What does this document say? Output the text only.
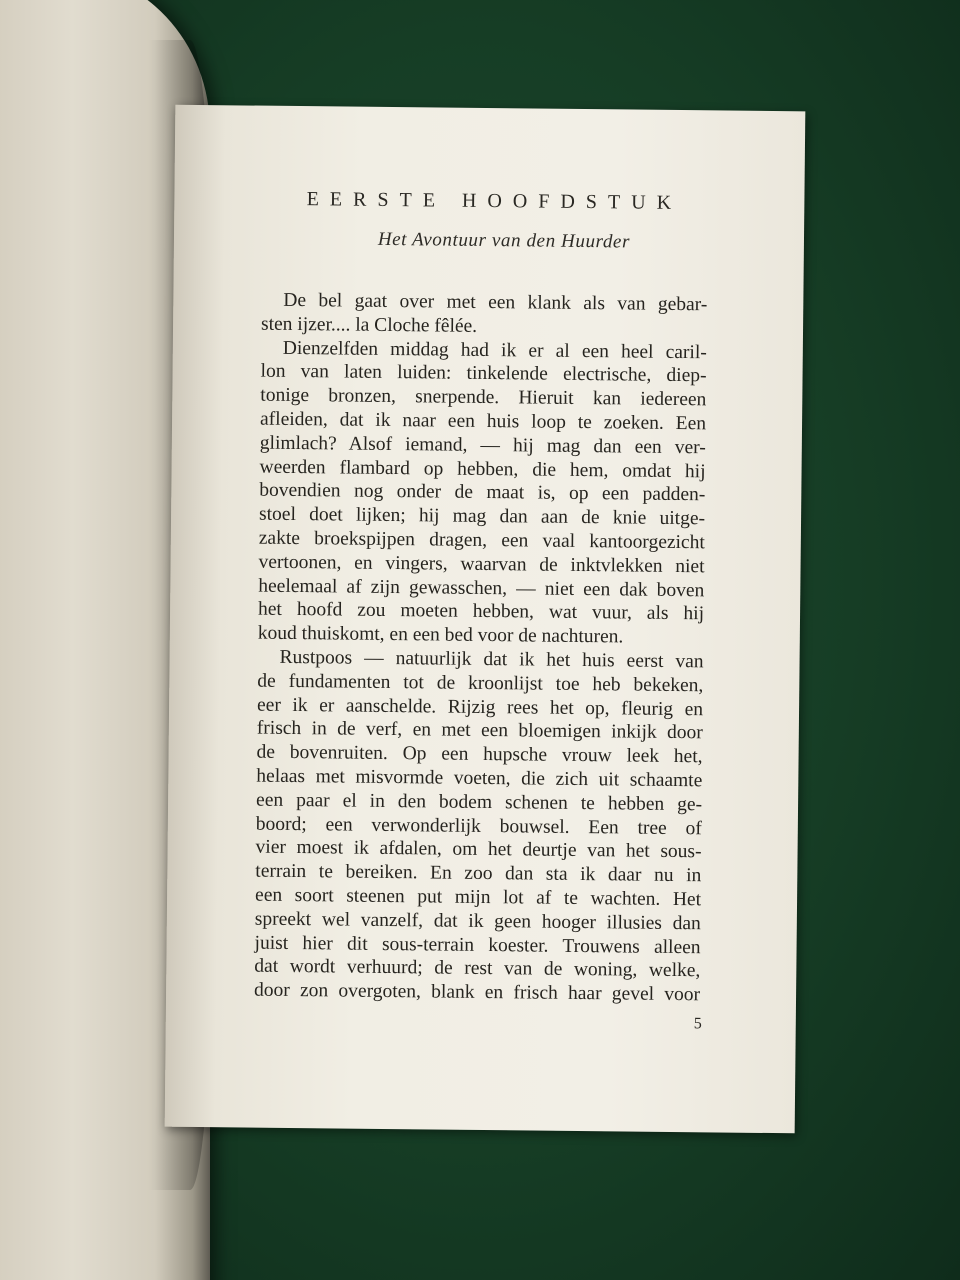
EERSTE HOOFDSTUK
Het Avontuur van den Huurder
De bel gaat over met een klank als van gebar-
sten ijzer.... la Cloche fêlée.
Dienzelfden middag had ik er al een heel caril-
lon van laten luiden: tinkelende electrische, diep-
tonige bronzen, snerpende. Hieruit kan iedereen
afleiden, dat ik naar een huis loop te zoeken. Een
glimlach? Alsof iemand, — hij mag dan een ver-
weerden flambard op hebben, die hem, omdat hij
bovendien nog onder de maat is, op een padden-
stoel doet lijken; hij mag dan aan de knie uitge-
zakte broekspijpen dragen, een vaal kantoorgezicht
vertoonen, en vingers, waarvan de inktvlekken niet
heelemaal af zijn gewasschen, — niet een dak boven
het hoofd zou moeten hebben, wat vuur, als hij
koud thuiskomt, en een bed voor de nachturen.
Rustpoos — natuurlijk dat ik het huis eerst van
de fundamenten tot de kroonlijst toe heb bekeken,
eer ik er aanschelde. Rijzig rees het op, fleurig en
frisch in de verf, en met een bloemigen inkijk door
de bovenruiten. Op een hupsche vrouw leek het,
helaas met misvormde voeten, die zich uit schaamte
een paar el in den bodem schenen te hebben ge-
boord; een verwonderlijk bouwsel. Een tree of
vier moest ik afdalen, om het deurtje van het sous-
terrain te bereiken. En zoo dan sta ik daar nu in
een soort steenen put mijn lot af te wachten. Het
spreekt wel vanzelf, dat ik geen hooger illusies dan
juist hier dit sous-terrain koester. Trouwens alleen
dat wordt verhuurd; de rest van de woning, welke,
door zon overgoten, blank en frisch haar gevel voor
5
